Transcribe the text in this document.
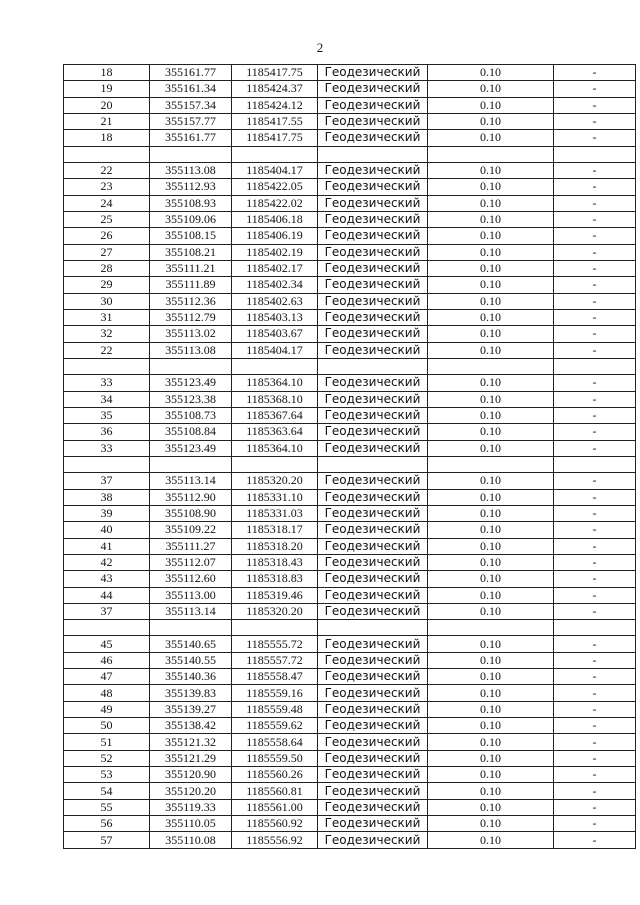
2
18	355161.77	1185417.75	Геодезический	0.10	-
19	355161.34	1185424.37	Геодезический	0.10	-
20	355157.34	1185424.12	Геодезический	0.10	-
21	355157.77	1185417.55	Геодезический	0.10	-
18	355161.77	1185417.75	Геодезический	0.10	-

22	355113.08	1185404.17	Геодезический	0.10	-
23	355112.93	1185422.05	Геодезический	0.10	-
24	355108.93	1185422.02	Геодезический	0.10	-
25	355109.06	1185406.18	Геодезический	0.10	-
26	355108.15	1185406.19	Геодезический	0.10	-
27	355108.21	1185402.19	Геодезический	0.10	-
28	355111.21	1185402.17	Геодезический	0.10	-
29	355111.89	1185402.34	Геодезический	0.10	-
30	355112.36	1185402.63	Геодезический	0.10	-
31	355112.79	1185403.13	Геодезический	0.10	-
32	355113.02	1185403.67	Геодезический	0.10	-
22	355113.08	1185404.17	Геодезический	0.10	-

33	355123.49	1185364.10	Геодезический	0.10	-
34	355123.38	1185368.10	Геодезический	0.10	-
35	355108.73	1185367.64	Геодезический	0.10	-
36	355108.84	1185363.64	Геодезический	0.10	-
33	355123.49	1185364.10	Геодезический	0.10	-

37	355113.14	1185320.20	Геодезический	0.10	-
38	355112.90	1185331.10	Геодезический	0.10	-
39	355108.90	1185331.03	Геодезический	0.10	-
40	355109.22	1185318.17	Геодезический	0.10	-
41	355111.27	1185318.20	Геодезический	0.10	-
42	355112.07	1185318.43	Геодезический	0.10	-
43	355112.60	1185318.83	Геодезический	0.10	-
44	355113.00	1185319.46	Геодезический	0.10	-
37	355113.14	1185320.20	Геодезический	0.10	-

45	355140.65	1185555.72	Геодезический	0.10	-
46	355140.55	1185557.72	Геодезический	0.10	-
47	355140.36	1185558.47	Геодезический	0.10	-
48	355139.83	1185559.16	Геодезический	0.10	-
49	355139.27	1185559.48	Геодезический	0.10	-
50	355138.42	1185559.62	Геодезический	0.10	-
51	355121.32	1185558.64	Геодезический	0.10	-
52	355121.29	1185559.50	Геодезический	0.10	-
53	355120.90	1185560.26	Геодезический	0.10	-
54	355120.20	1185560.81	Геодезический	0.10	-
55	355119.33	1185561.00	Геодезический	0.10	-
56	355110.05	1185560.92	Геодезический	0.10	-
57	355110.08	1185556.92	Геодезический	0.10	-
